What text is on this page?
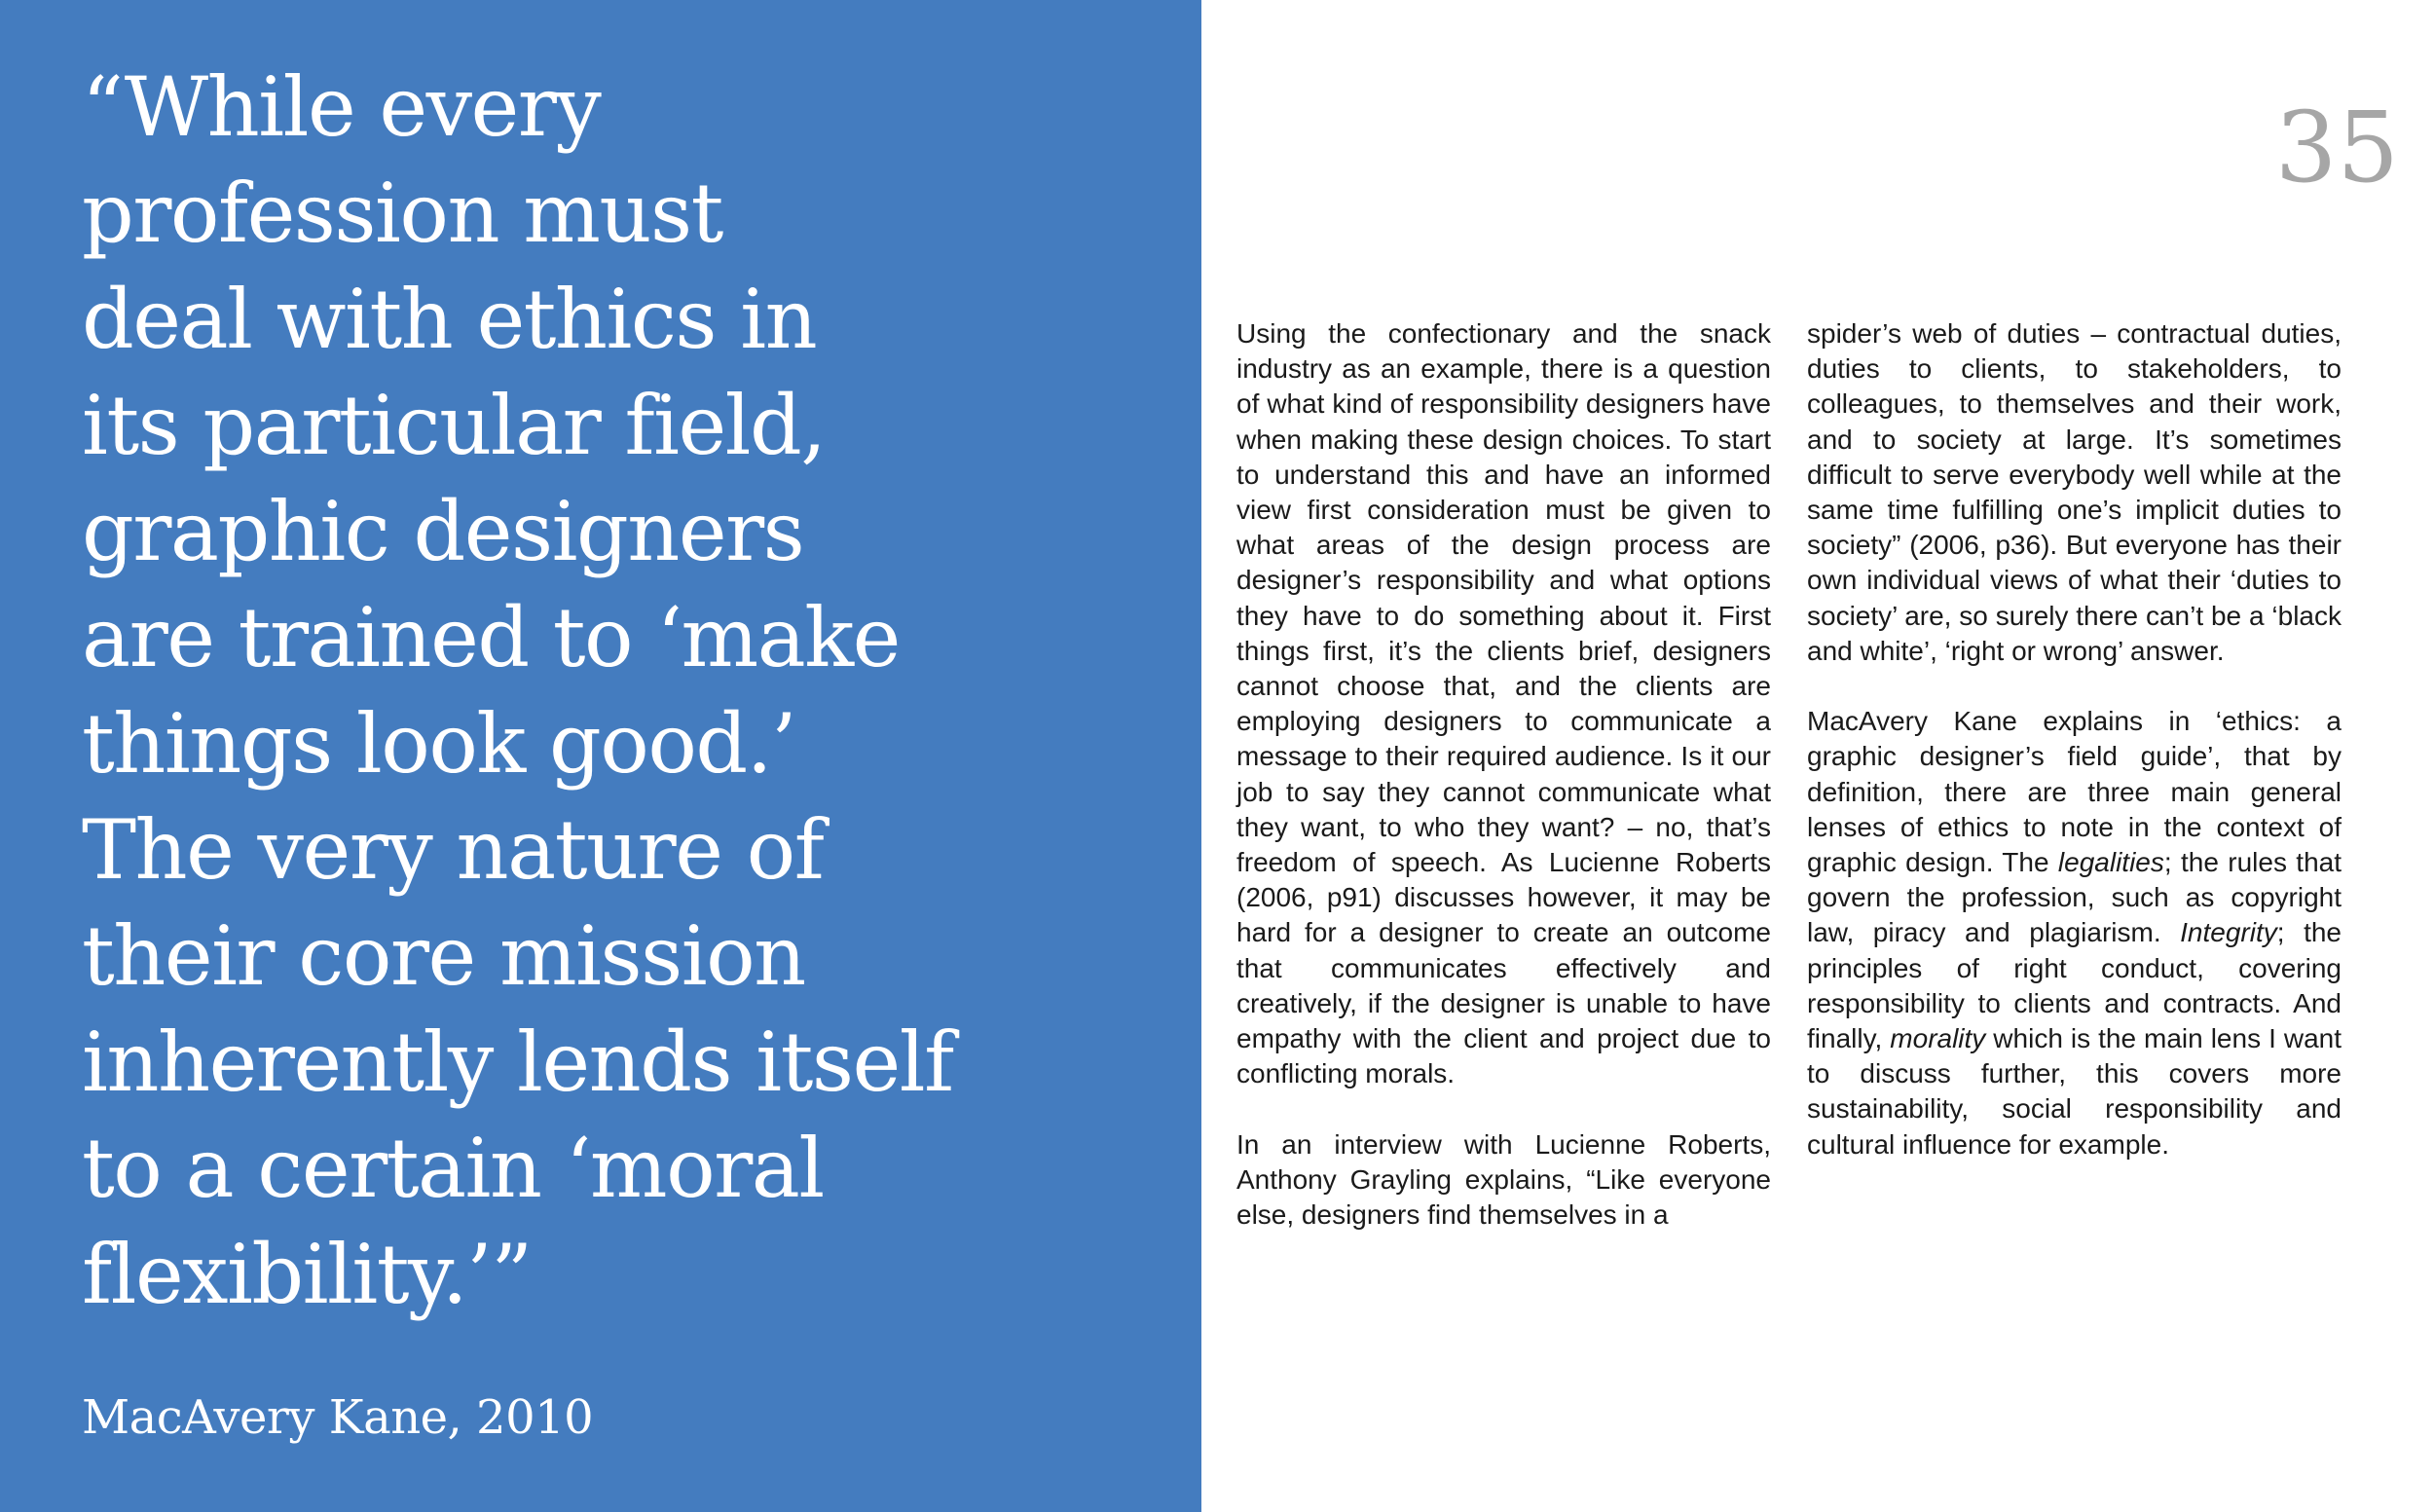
“While every
profession must
deal with ethics in
its particular field,
graphic designers
are trained to ‘make
things look good.’
The very nature of
their core mission
inherently lends itself
to a certain ‘moral
flexibility.’”

MacAvery Kane, 2010

35

Using the confectionary and the snack industry as an example, there is a question of what kind of responsibility designers have when making these design choices. To start to understand this and have an informed view first consideration must be given to what areas of the design process are designer’s responsibility and what options they have to do something about it. First things first, it’s the clients brief, designers cannot choose that, and the clients are employing designers to communicate a message to their required audience. Is it our job to say they cannot communicate what they want, to who they want? – no, that’s freedom of speech. As Lucienne Roberts (2006, p91) discusses however, it may be hard for a designer to create an outcome that communicates effectively and creatively, if the designer is unable to have empathy with the client and project due to conflicting morals.

In an interview with Lucienne Roberts, Anthony Grayling explains, “Like everyone else, designers find themselves in a

spider’s web of duties – contractual duties, duties to clients, to stakeholders, to colleagues, to themselves and their work, and to society at large. It’s sometimes difficult to serve everybody well while at the same time fulfilling one’s implicit duties to society” (2006, p36). But everyone has their own individual views of what their ‘duties to society’ are, so surely there can’t be a ‘black and white’, ‘right or wrong’ answer.

MacAvery Kane explains in ‘ethics: a graphic designer’s field guide’, that by definition, there are three main general lenses of ethics to note in the context of graphic design. The legalities; the rules that govern the profession, such as copyright law, piracy and plagiarism. Integrity; the principles of right conduct, covering responsibility to clients and contracts. And finally, morality which is the main lens I want to discuss further, this covers more sustainability, social responsibility and cultural influence for example.
